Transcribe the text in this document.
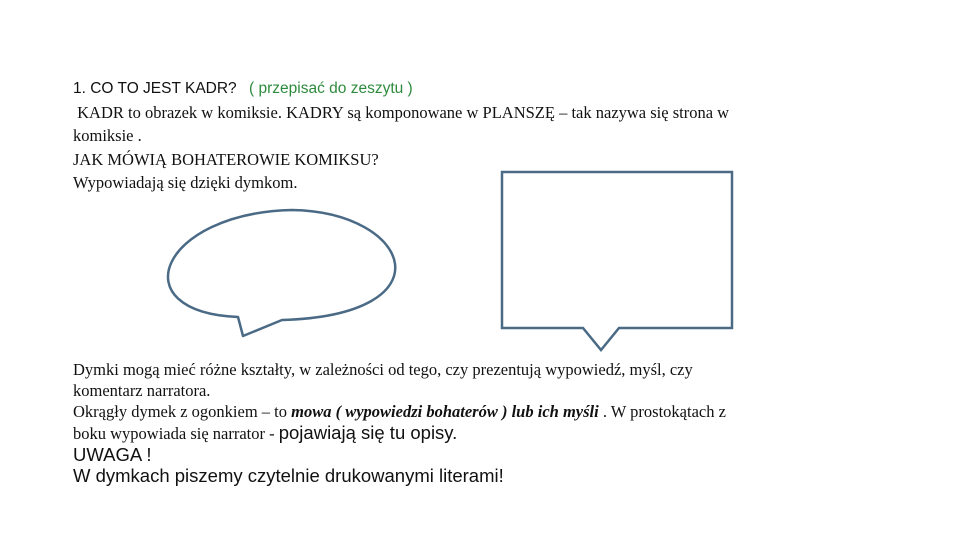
1. CO TO JEST KADR? ( przepisać do zeszytu )
KADR to obrazek w komiksie. KADRY są komponowane w PLANSZĘ – tak nazywa się strona w
komiksie .
JAK MÓWIĄ BOHATEROWIE KOMIKSU?
Wypowiadają się dzięki dymkom.
Dymki mogą mieć różne kształty, w zależności od tego, czy prezentują wypowiedź, myśl, czy
komentarz narratora.
Okrągły dymek z ogonkiem – to mowa ( wypowiedzi bohaterów ) lub ich myśli . W prostokątach z
boku wypowiada się narrator - pojawiają się tu opisy.
UWAGA !
W dymkach piszemy czytelnie drukowanymi literami!
